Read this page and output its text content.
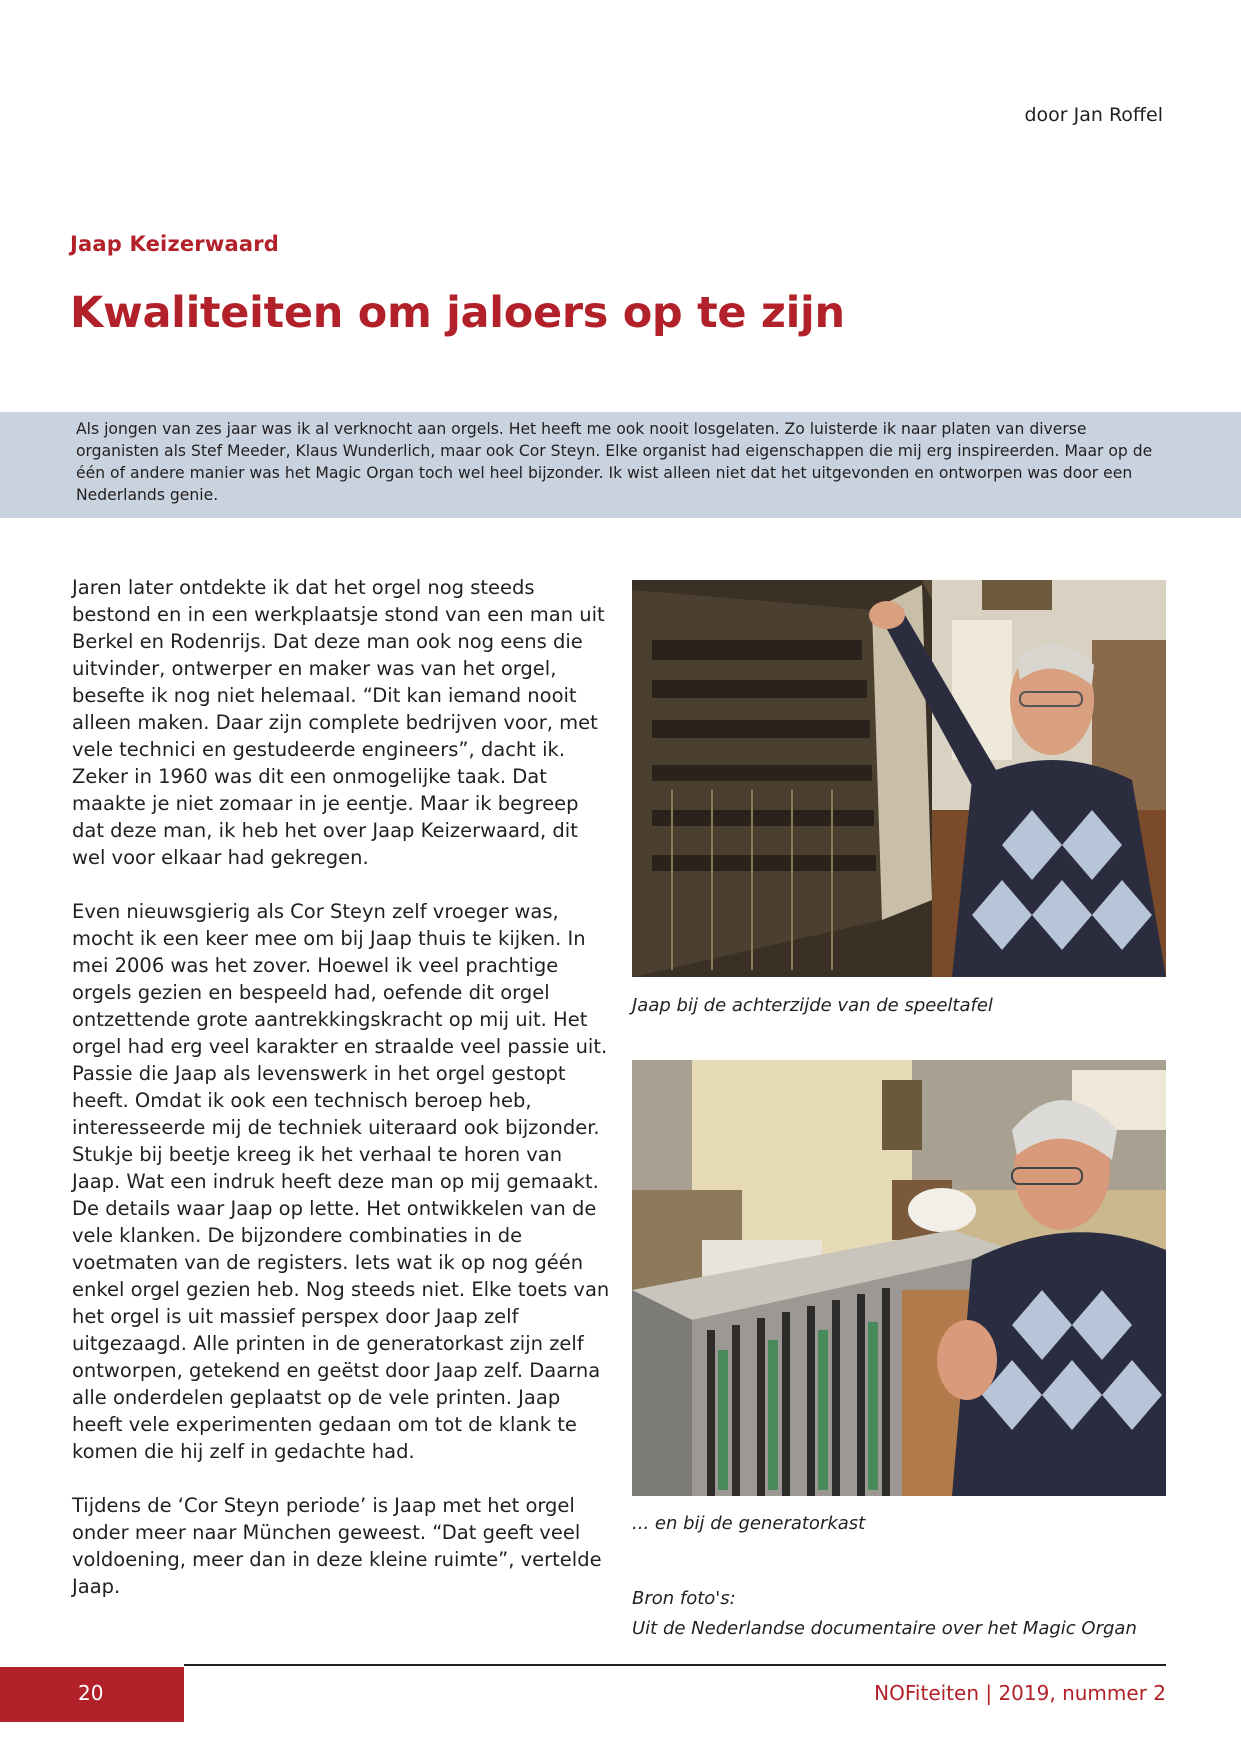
door Jan Roffel
Jaap Keizerwaard
Kwaliteiten om jaloers op te zijn

Als jongen van zes jaar was ik al verknocht aan orgels. Het heeft me ook nooit losgelaten. Zo luisterde ik naar platen van diverse organisten als Stef Meeder, Klaus Wunderlich, maar ook Cor Steyn. Elke organist had eigenschappen die mij erg inspireerden. Maar op de één of andere manier was het Magic Organ toch wel heel bijzonder. Ik wist alleen niet dat het uitgevonden en ontworpen was door een Nederlands genie.

Jaren later ontdekte ik dat het orgel nog steeds bestond en in een werkplaatsje stond van een man uit Berkel en Rodenrijs. Dat deze man ook nog eens die uitvinder, ontwerper en maker was van het orgel, besefte ik nog niet helemaal. “Dit kan iemand nooit alleen maken. Daar zijn complete bedrijven voor, met vele technici en gestudeerde engineers”, dacht ik. Zeker in 1960 was dit een onmogelijke taak. Dat maakte je niet zomaar in je eentje. Maar ik begreep dat deze man, ik heb het over Jaap Keizerwaard, dit wel voor elkaar had gekregen.

Even nieuwsgierig als Cor Steyn zelf vroeger was, mocht ik een keer mee om bij Jaap thuis te kijken. In mei 2006 was het zover. Hoewel ik veel prachtige orgels gezien en bespeeld had, oefende dit orgel ontzettende grote aantrekkingskracht op mij uit. Het orgel had erg veel karakter en straalde veel passie uit. Passie die Jaap als levenswerk in het orgel gestopt heeft. Omdat ik ook een technisch beroep heb, interesseerde mij de techniek uiteraard ook bijzonder. Stukje bij beetje kreeg ik het verhaal te horen van Jaap. Wat een indruk heeft deze man op mij gemaakt. De details waar Jaap op lette. Het ontwikkelen van de vele klanken. De bijzondere combinaties in de voetmaten van de registers. Iets wat ik op nog géén enkel orgel gezien heb. Nog steeds niet. Elke toets van het orgel is uit massief perspex door Jaap zelf uitgezaagd. Alle printen in de generatorkast zijn zelf ontworpen, getekend en geëtst door Jaap zelf. Daarna alle onderdelen geplaatst op de vele printen. Jaap heeft vele experimenten gedaan om tot de klank te komen die hij zelf in gedachte had.

Tijdens de ‘Cor Steyn periode’ is Jaap met het orgel onder meer naar München geweest. “Dat geeft veel voldoening, meer dan in deze kleine ruimte”, vertelde Jaap.

Jaap bij de achterzijde van de speeltafel
... en bij de generatorkast
Bron foto's:
Uit de Nederlandse documentaire over het Magic Organ
20	NOFiteiten | 2019, nummer 2
